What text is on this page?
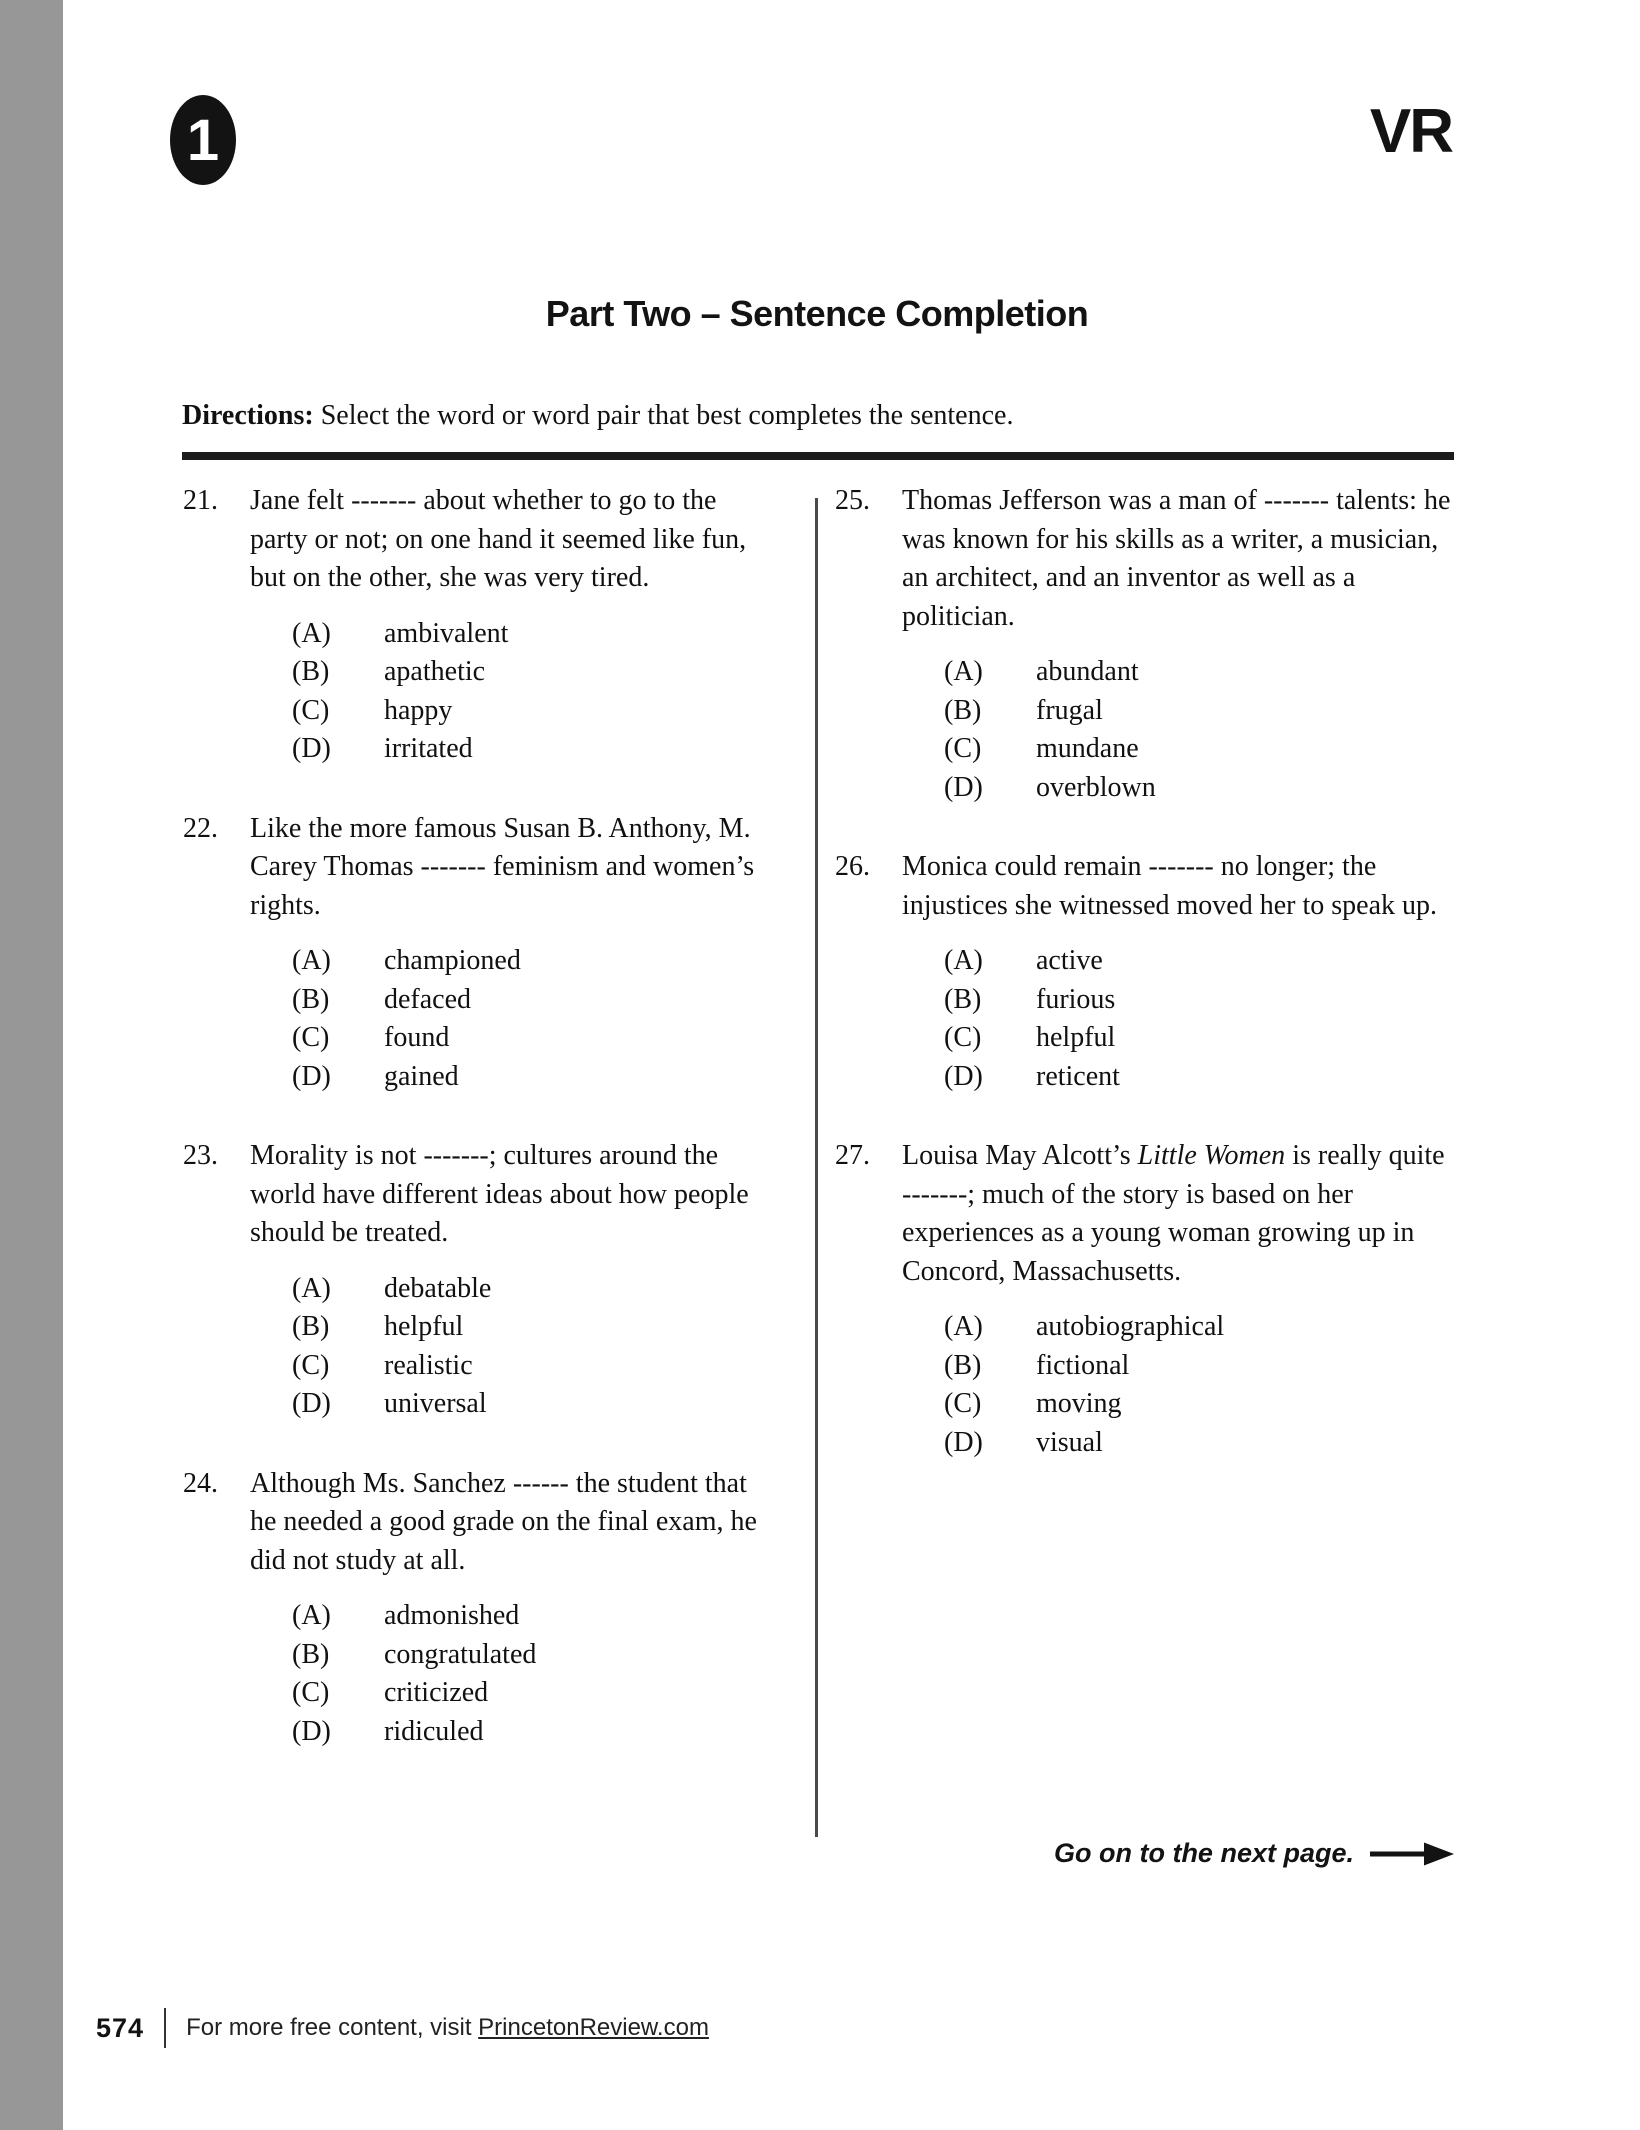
1	VR
Part Two – Sentence Completion

Directions: Select the word or word pair that best completes the sentence.

21.	Jane felt ------- about whether to go to the party or not; on one hand it seemed like fun, but on the other, she was very tired.

(A)	ambivalent
(B)	apathetic
(C)	happy
(D)	irritated
22.	Like the more famous Susan B. Anthony, M. Carey Thomas ------- feminism and women’s rights.

(A)	championed
(B)	defaced
(C)	found
(D)	gained
23.	Morality is not -------; cultures around the world have different ideas about how people should be treated.

(A)	debatable
(B)	helpful
(C)	realistic
(D)	universal
24.	Although Ms. Sanchez ------ the student that he needed a good grade on the final exam, he did not study at all.

(A)	admonished
(B)	congratulated
(C)	criticized
(D)	ridiculed
25.	Thomas Jefferson was a man of ------- talents: he was known for his skills as a writer, a musician, an architect, and an inventor as well as a politician.

(A)	abundant
(B)	frugal
(C)	mundane
(D)	overblown
26.	Monica could remain ------- no longer; the injustices she witnessed moved her to speak up.

(A)	active
(B)	furious
(C)	helpful
(D)	reticent
27.	Louisa May Alcott’s Little Women is really quite -------; much of the story is based on her experiences as a young woman growing up in Concord, Massachusetts.

(A)	autobiographical
(B)	fictional
(C)	moving
(D)	visual
Go on to the next page.
574 For more free content, visit PrincetonReview.com
